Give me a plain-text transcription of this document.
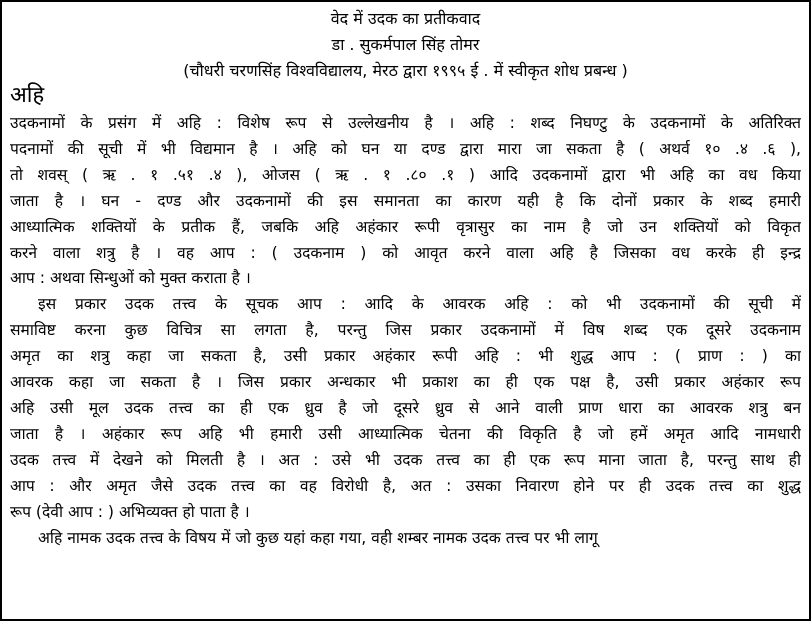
वेद में उदक का प्रतीकवाद
डा . सुकर्मपाल सिंह तोमर
(चौधरी चरणसिंह विश्वविद्यालय, मेरठ द्वारा १९९५ ई . में स्वीकृत शोध प्रबन्ध )
अहि
उदकनामों के प्रसंग में अहि : विशेष रूप से उल्लेखनीय है । अहि : शब्द निघण्टु के उदकनामों के अतिरिक्त
पदनामों की सूची में भी विद्यमान है । अहि को घन या दण्ड द्वारा मारा जा सकता है ( अथर्व १० .४ .६ ),
तो शवस् ( ऋ . १ .५१ .४ ), ओजस ( ऋ . १ .८० .१ ) आदि उदकनामों द्वारा भी अहि का वध किया
जाता है । घन - दण्ड और उदकनामों की इस समानता का कारण यही है कि दोनों प्रकार के शब्द हमारी
आध्यात्मिक शक्तियों के प्रतीक हैं, जबकि अहि अहंकार रूपी वृत्रासुर का नाम है जो उन शक्तियों को विकृत
करने वाला शत्रु है । वह आप : ( उदकनाम ) को आवृत करने वाला अहि है जिसका वध करके ही इन्द्र
आप : अथवा सिन्धुओं को मुक्त कराता है ।
इस प्रकार उदक तत्त्व के सूचक आप : आदि के आवरक अहि : को भी उदकनामों की सूची में
समाविष्ट करना कुछ विचित्र सा लगता है, परन्तु जिस प्रकार उदकनामों में विष शब्द एक दूसरे उदकनाम
अमृत का शत्रु कहा जा सकता है, उसी प्रकार अहंकार रूपी अहि : भी शुद्ध आप : ( प्राण : ) का
आवरक कहा जा सकता है । जिस प्रकार अन्धकार भी प्रकाश का ही एक पक्ष है, उसी प्रकार अहंकार रूप
अहि उसी मूल उदक तत्त्व का ही एक ध्रुव है जो दूसरे ध्रुव से आने वाली प्राण धारा का आवरक शत्रु बन
जाता है । अहंकार रूप अहि भी हमारी उसी आध्यात्मिक चेतना की विकृति है जो हमें अमृत आदि नामधारी
उदक तत्त्व में देखने को मिलती है । अत : उसे भी उदक तत्त्व का ही एक रूप माना जाता है, परन्तु साथ ही
आप : और अमृत जैसे उदक तत्त्व का वह विरोधी है, अत : उसका निवारण होने पर ही उदक तत्त्व का शुद्ध
रूप (देवी आप : ) अभिव्यक्त हो पाता है ।
अहि नामक उदक तत्त्व के विषय में जो कुछ यहां कहा गया, वही शम्बर नामक उदक तत्त्व पर भी लागू
